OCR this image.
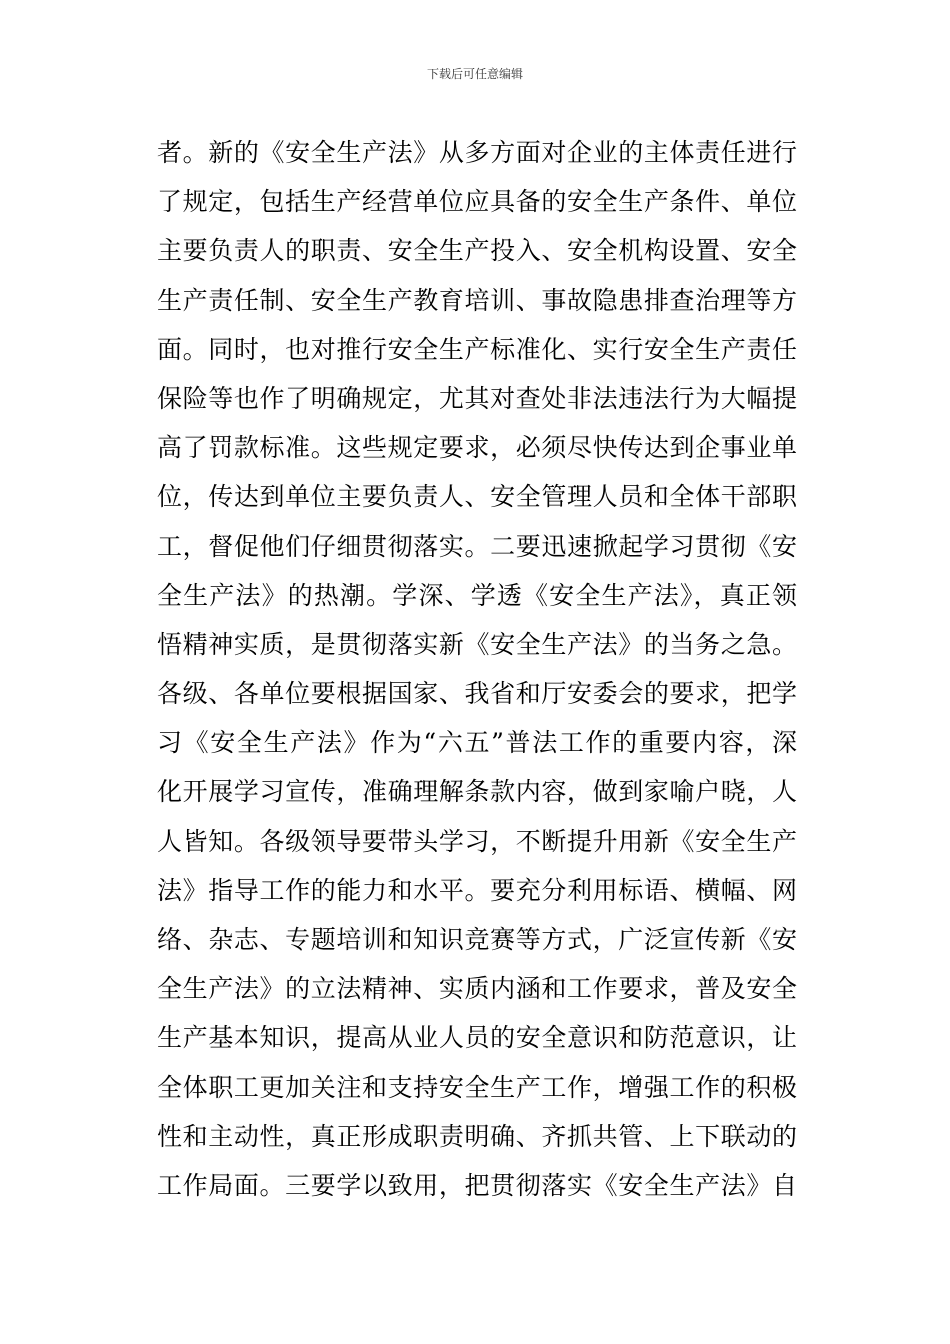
下载后可任意编辑
者。新的《安全生产法》从多方面对企业的主体责任进行
了规定，包括生产经营单位应具备的安全生产条件、单位
主要负责人的职责、安全生产投入、安全机构设置、安全
生产责任制、安全生产教育培训、事故隐患排查治理等方
面。同时，也对推行安全生产标准化、实行安全生产责任
保险等也作了明确规定，尤其对查处非法违法行为大幅提
高了罚款标准。这些规定要求，必须尽快传达到企事业单
位，传达到单位主要负责人、安全管理人员和全体干部职
工，督促他们仔细贯彻落实。二要迅速掀起学习贯彻《安
全生产法》的热潮。学深、学透《安全生产法》，真正领
悟精神实质，是贯彻落实新《安全生产法》的当务之急。
各级、各单位要根据国家、我省和厅安委会的要求，把学
习《安全生产法》作为“六五”普法工作的重要内容，深
化开展学习宣传，准确理解条款内容，做到家喻户晓，人
人皆知。各级领导要带头学习，不断提升用新《安全生产
法》指导工作的能力和水平。要充分利用标语、横幅、网
络、杂志、专题培训和知识竞赛等方式，广泛宣传新《安
全生产法》的立法精神、实质内涵和工作要求，普及安全
生产基本知识，提高从业人员的安全意识和防范意识，让
全体职工更加关注和支持安全生产工作，增强工作的积极
性和主动性，真正形成职责明确、齐抓共管、上下联动的
工作局面。三要学以致用，把贯彻落实《安全生产法》自
